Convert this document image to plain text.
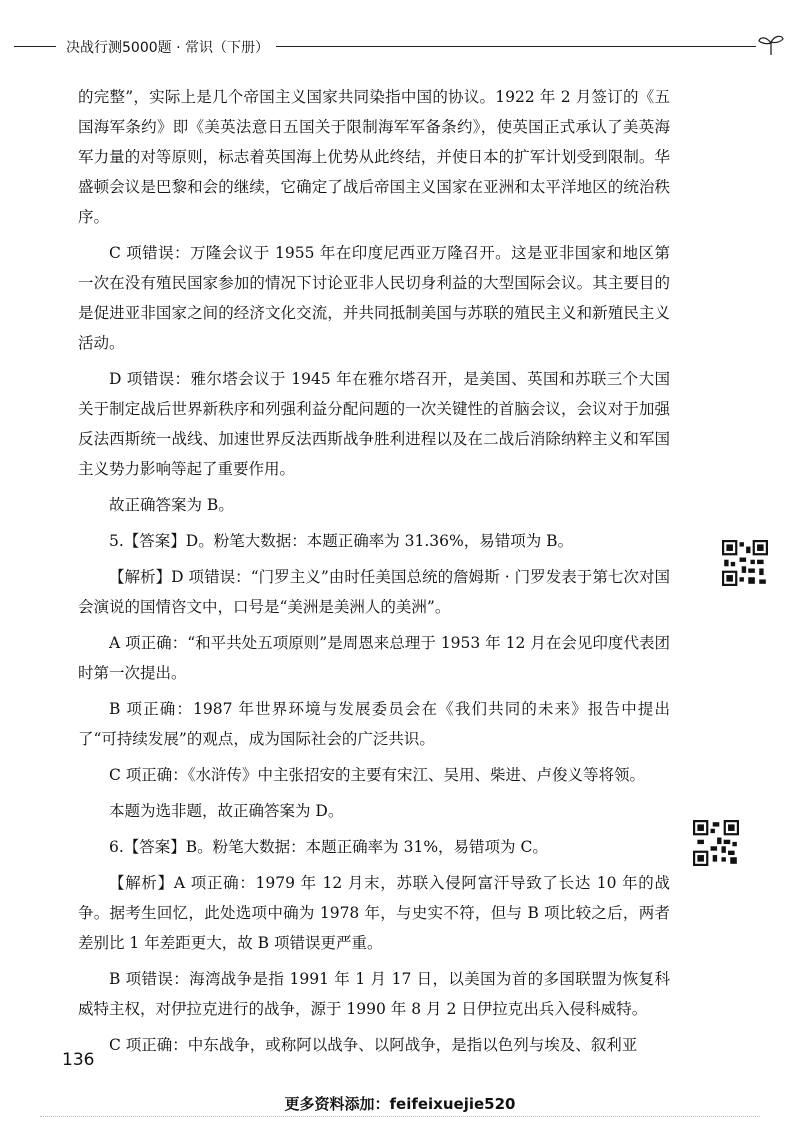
决战行测5000题 · 常识（下册）

的完整”，实际上是几个帝国主义国家共同染指中国的协议。1922 年 2 月签订的《五国海军条约》即《美英法意日五国关于限制海军军备条约》，使英国正式承认了美英海军力量的对等原则，标志着英国海上优势从此终结，并使日本的扩军计划受到限制。华盛顿会议是巴黎和会的继续，它确定了战后帝国主义国家在亚洲和太平洋地区的统治秩序。

C 项错误：万隆会议于 1955 年在印度尼西亚万隆召开。这是亚非国家和地区第一次在没有殖民国家参加的情况下讨论亚非人民切身利益的大型国际会议。其主要目的是促进亚非国家之间的经济文化交流，并共同抵制美国与苏联的殖民主义和新殖民主义活动。

D 项错误：雅尔塔会议于 1945 年在雅尔塔召开，是美国、英国和苏联三个大国关于制定战后世界新秩序和列强利益分配问题的一次关键性的首脑会议，会议对于加强反法西斯统一战线、加速世界反法西斯战争胜利进程以及在二战后消除纳粹主义和军国主义势力影响等起了重要作用。

故正确答案为 B。

5.【答案】D。粉笔大数据：本题正确率为 31.36%，易错项为 B。

【解析】D 项错误：“门罗主义”由时任美国总统的詹姆斯 · 门罗发表于第七次对国会演说的国情咨文中，口号是“美洲是美洲人的美洲”。

A 项正确：“和平共处五项原则”是周恩来总理于 1953 年 12 月在会见印度代表团时第一次提出。

B 项正确：1987 年世界环境与发展委员会在《我们共同的未来》报告中提出了“可持续发展”的观点，成为国际社会的广泛共识。

C 项正确：《水浒传》中主张招安的主要有宋江、吴用、柴进、卢俊义等将领。

本题为选非题，故正确答案为 D。

6.【答案】B。粉笔大数据：本题正确率为 31%，易错项为 C。

【解析】A 项正确：1979 年 12 月末，苏联入侵阿富汗导致了长达 10 年的战争。据考生回忆，此处选项中确为 1978 年，与史实不符，但与 B 项比较之后，两者差别比 1 年差距更大，故 B 项错误更严重。

B 项错误：海湾战争是指 1991 年 1 月 17 日，以美国为首的多国联盟为恢复科威特主权，对伊拉克进行的战争，源于 1990 年 8 月 2 日伊拉克出兵入侵科威特。

C 项正确：中东战争，或称阿以战争、以阿战争，是指以色列与埃及、叙利亚

136
更多资料添加：feifeixuejie520
